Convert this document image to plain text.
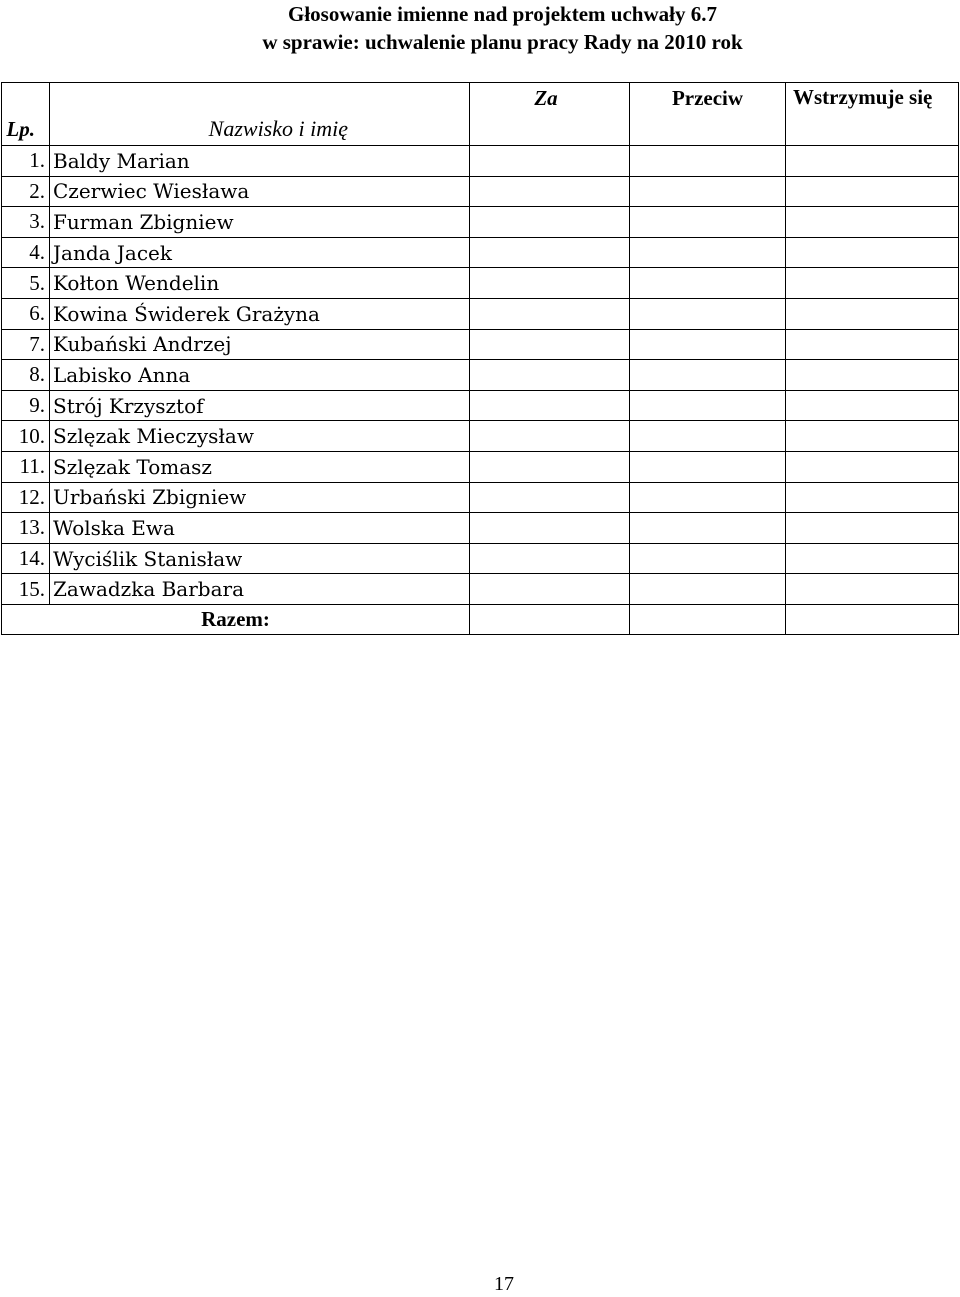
Głosowanie imienne nad projektem uchwały 6.7
w sprawie: uchwalenie planu pracy Rady na 2010 rok
Lp.	Nazwisko i imię	Za	Przeciw	Wstrzymuje się
1.	Baldy Marian			
2.	Czerwiec Wiesława			
3.	Furman Zbigniew			
4.	Janda Jacek			
5.	Kołton Wendelin			
6.	Kowina Świderek Grażyna			
7.	Kubański Andrzej			
8.	Labisko Anna			
9.	Strój Krzysztof			
10.	Szlęzak Mieczysław			
11.	Szlęzak Tomasz			
12.	Urbański Zbigniew			
13.	Wolska Ewa			
14.	Wyciślik Stanisław			
15.	Zawadzka Barbara			
Razem:				
17
